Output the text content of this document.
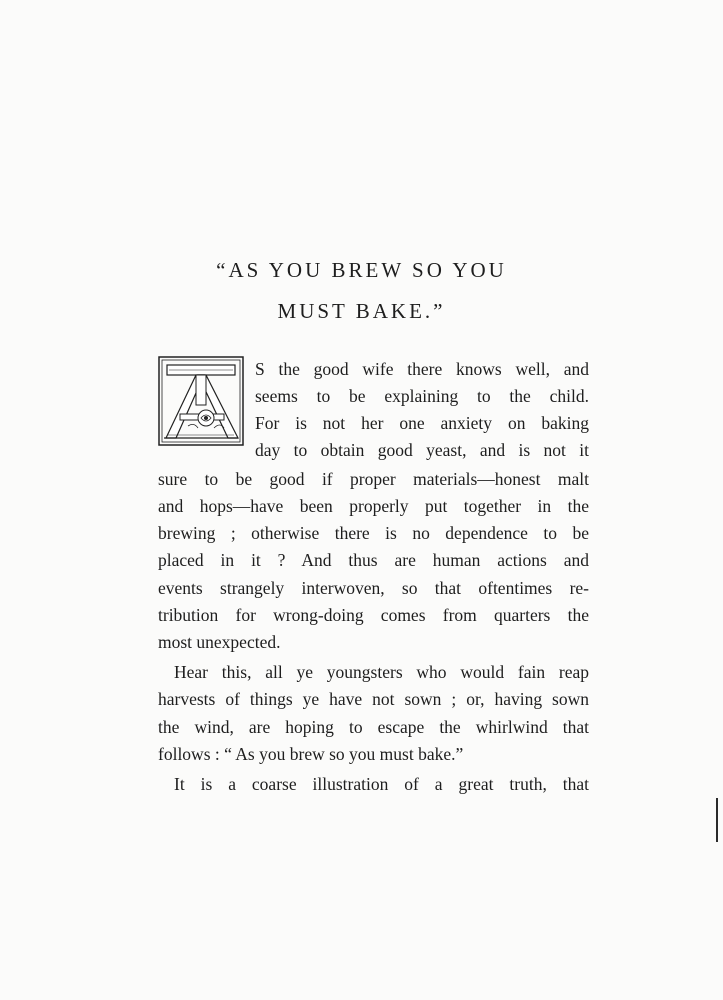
“AS YOU BREW SO YOU
MUST BAKE.”

S the good wife there knows well, and

seems to be explaining to the child.

For is not her one anxiety on baking

day to obtain good yeast, and is not it

sure to be good if proper materials—honest malt

and hops—have been properly put together in the

brewing ; otherwise there is no dependence to be

placed in it ? And thus are human actions and

events strangely interwoven, so that oftentimes re-

tribution for wrong-doing comes from quarters the

most unexpected.

Hear this, all ye youngsters who would fain reap

harvests of things ye have not sown ; or, having sown

the wind, are hoping to escape the whirlwind that

follows : “ As you brew so you must bake.”

It is a coarse illustration of a great truth, that
